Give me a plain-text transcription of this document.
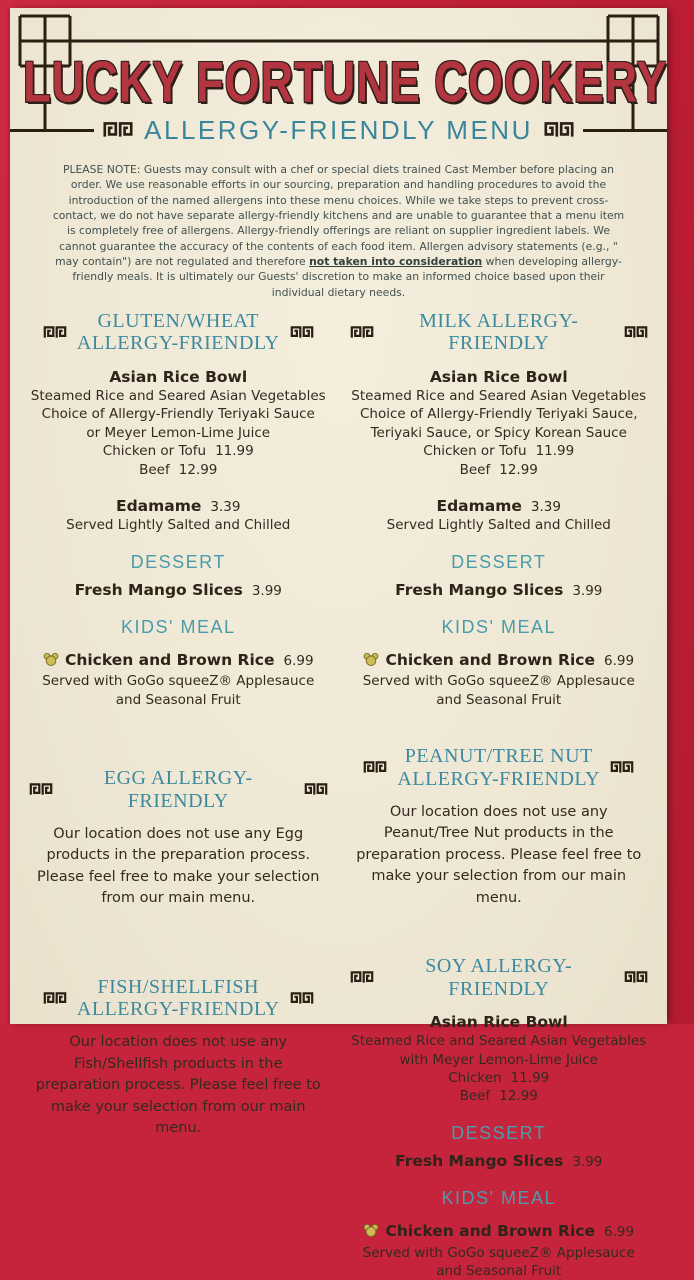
LUCKY FORTUNE COOKERY
ALLERGY-FRIENDLY MENU

PLEASE NOTE: Guests may consult with a chef or special diets trained Cast Member before placing an order. We use reasonable efforts in our sourcing, preparation and handling procedures to avoid the introduction of the named allergens into these menu choices. While we take steps to prevent cross-contact, we do not have separate allergy-friendly kitchens and are unable to guarantee that a menu item is completely free of allergens. Allergy-friendly offerings are reliant on supplier ingredient labels. We cannot guarantee the accuracy of the contents of each food item. Allergen advisory statements (e.g., " may contain") are not regulated and therefore not taken into consideration when developing allergy-friendly meals. It is ultimately our Guests' discretion to make an informed choice based upon their individual dietary needs.

GLUTEN/WHEAT
ALLERGY-FRIENDLY
Asian Rice Bowl
Steamed Rice and Seared Asian Vegetables
Choice of Allergy-Friendly Teriyaki Sauce
or Meyer Lemon-Lime Juice
Chicken or Tofu 11.99
Beef 12.99
Edamame 3.39
Served Lightly Salted and Chilled
DESSERT
Fresh Mango Slices 3.99
KIDS' MEAL
Chicken and Brown Rice 6.99
Served with GoGo squeeZ® Applesauce
and Seasonal Fruit
EGG ALLERGY-FRIENDLY
Our location does not use any Egg products in the preparation process. Please feel free to make your selection from our main menu.
FISH/SHELLFISH
ALLERGY-FRIENDLY
Our location does not use any Fish/Shellfish products in the preparation process. Please feel free to make your selection from our main menu.
MILK ALLERGY-FRIENDLY
Asian Rice Bowl
Steamed Rice and Seared Asian Vegetables
Choice of Allergy-Friendly Teriyaki Sauce,
Teriyaki Sauce, or Spicy Korean Sauce
Chicken or Tofu 11.99
Beef 12.99
Edamame 3.39
Served Lightly Salted and Chilled
DESSERT
Fresh Mango Slices 3.99
KIDS' MEAL
Chicken and Brown Rice 6.99
Served with GoGo squeeZ® Applesauce
and Seasonal Fruit
PEANUT/TREE NUT
ALLERGY-FRIENDLY
Our location does not use any Peanut/Tree Nut products in the preparation process. Please feel free to make your selection from our main menu.
SOY ALLERGY-FRIENDLY
Asian Rice Bowl
Steamed Rice and Seared Asian Vegetables
with Meyer Lemon-Lime Juice
Chicken 11.99
Beef 12.99
DESSERT
Fresh Mango Slices 3.99
KIDS' MEAL
Chicken and Brown Rice 6.99
Served with GoGo squeeZ® Applesauce
and Seasonal Fruit
